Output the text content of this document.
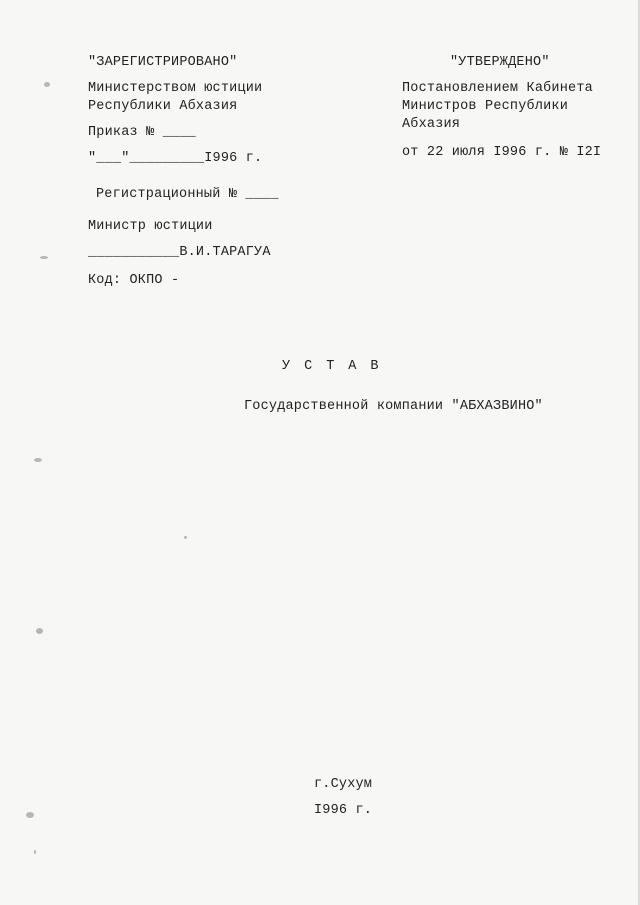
"ЗАРЕГИСТРИРОВАНО"
Министерством юстиции
Республики Абхазия
Приказ № ____
"___"_________I996 г.
Регистрационный № ____
Министр юстиции
___________В.И.ТАРАГУА
Код: ОКПО -
"УТВЕРЖДЕНО"
Постановлением Кабинета
Министров Республики
Абхазия
от 22 июля I996 г. № I2I
УСТАВ
Государственной компании "АБХАЗВИНО"
г.Сухум
I996 г.
